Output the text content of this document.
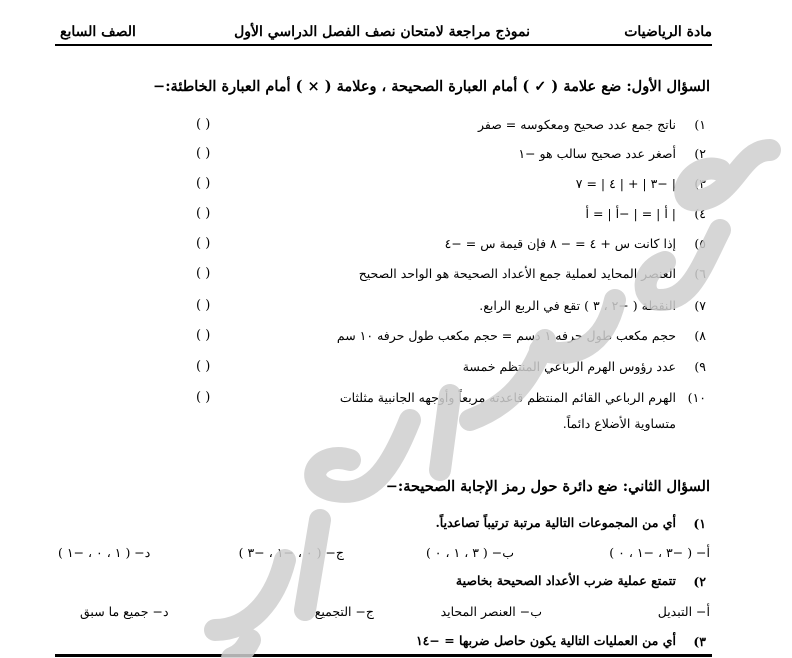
مادة الرياضيات
نموذج مراجعة لامتحان نصف الفصل الدراسي الأول
الصف السابع
السؤال الأول: ضع علامة ( ✓ ) أمام العبارة الصحيحة ، وعلامة ( × ) أمام العبارة الخاطئة:−
١)
ناتج جمع عدد صحيح ومعكوسه = صفر
( )
٢)
أصغر عدد صحيح سالب هو −١
( )
٣)
| −٣ | + | ٤ | = ٧
( )
٤)
| أ | = | −أ | = أ
( )
٥)
إذا كانت س + ٤ = − ٨ فإن قيمة س = −٤
( )
٦)
العنصر المحايد لعملية جمع الأعداد الصحيحة هو الواحد الصحيح
( )
٧)
النقطة ( −٢ ، ٣ ) تقع في الربع الرابع.
( )
٨)
حجم مكعب طول حرفه ١ دسم = حجم مكعب طول حرفه ١٠ سم
( )
٩)
عدد رؤوس الهرم الرباعي المنتظم خمسة
( )
١٠)
الهرم الرباعي القائم المنتظم قاعدته مربعاً وأوجهه الجانبية مثلثات
متساوية الأضلاع دائماً.
( )
السؤال الثاني: ضع دائرة حول رمز الإجابة الصحيحة:−
١)
أي من المجموعات التالية مرتبة ترتيباً تصاعدياً.
أ− ( −٣ ، −١ ، ٠ )
ب− ( ٣ ، ١ ، ٠ )
ج− ( ٠ ، −١ ، −٣ )
د− ( ١ ، ٠ ، −١ )
٢)
تتمتع عملية ضرب الأعداد الصحيحة بخاصية
أ− التبديل
ب− العنصر المحايد
ج− التجميع
د− جميع ما سبق
٣)
أي من العمليات التالية يكون حاصل ضربها = −١٤
